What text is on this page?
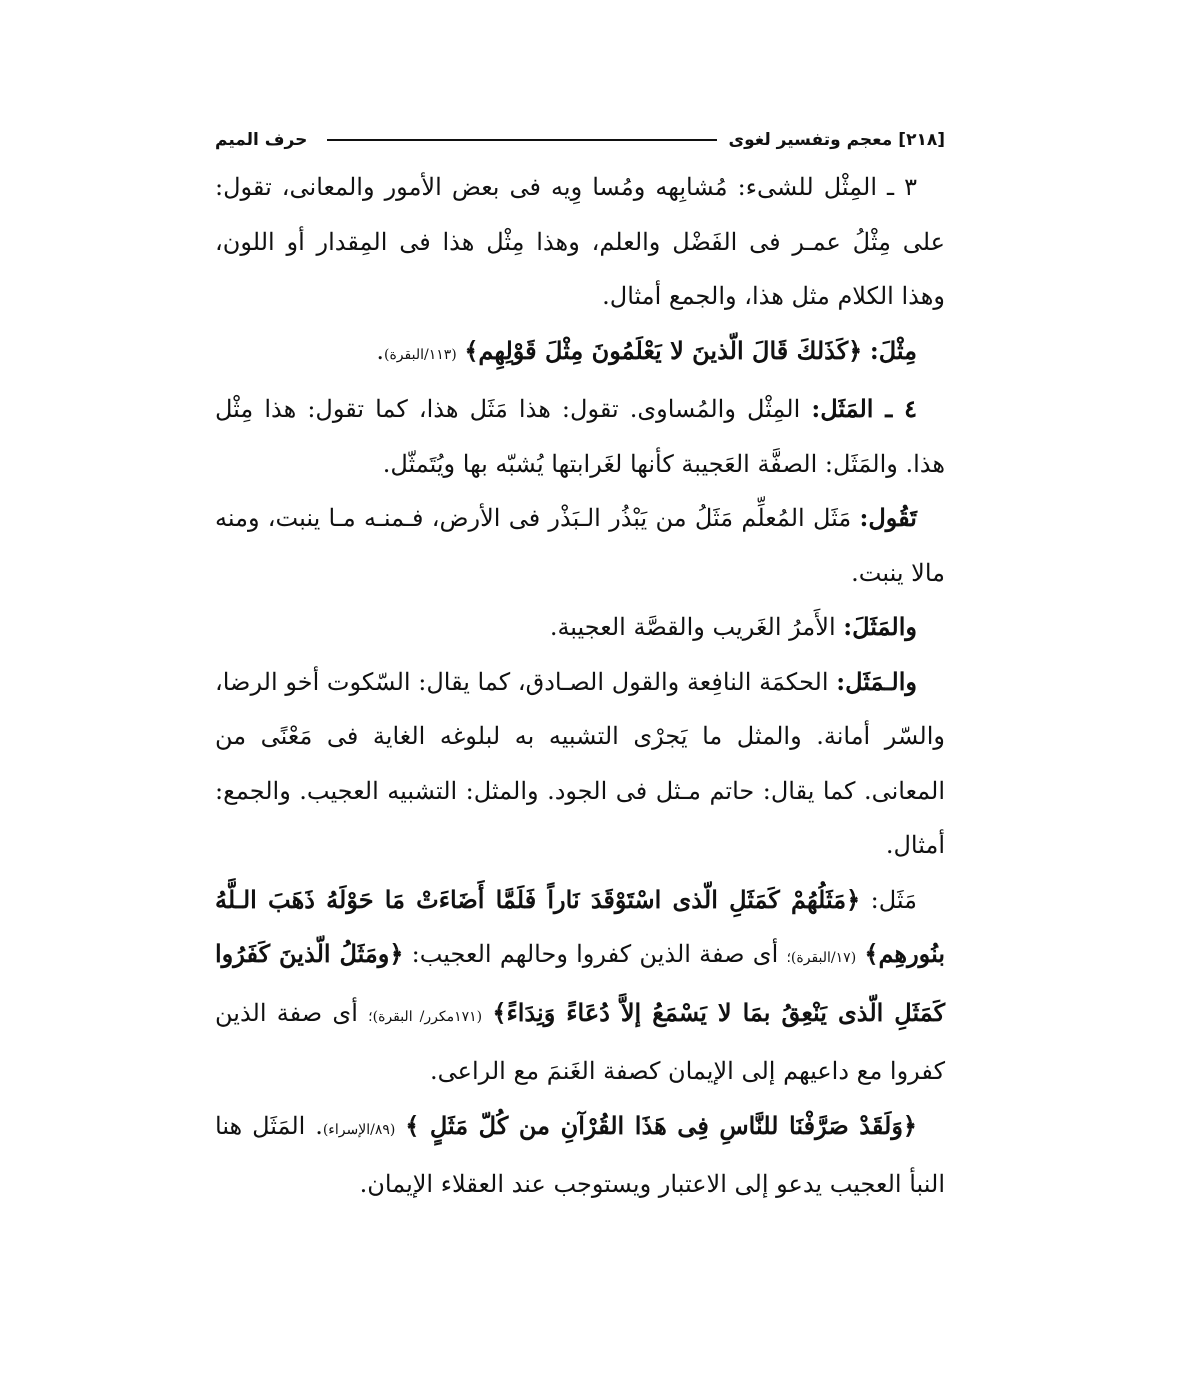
[٢١٨]
معجم وتفسير لغوى
حرف الميم

٣ ـ المِثْل للشىء: مُشابِهه ومُسا وِيه فى بعض الأمور والمعانى، تقول: على مِثْلُ عمـر فى الفَضْل والعلم، وهذا مِثْل هذا فى المِقدار أو اللون، وهذا الكلام مثل هذا، والجمع أمثال.

مِثْلَ: ﴿كَذَلكَ قَالَ الّذينَ لا يَعْلَمُونَ مِثْلَ قَوْلِهِم﴾ (١١٣/البقرة).

٤ ـ المَثَل: المِثْل والمُساوى. تقول: هذا مَثَل هذا، كما تقول: هذا مِثْل هذا. والمَثَل: الصفَّة العَجيبة كأنها لغَرابتها يُشبّه بها ويُتَمثّل.

تَقُول: مَثَل المُعلِّم مَثَلُ من يَبْذُر الـبَذْر فى الأرض، فـمنـه مـا ينبت، ومنه مالا ينبت.

والمَثَلَ: الأَمرُ الغَريب والقصَّة العجيبة.

والـمَثَل: الحكمَة النافِعة والقول الصـادق، كما يقال: السّكوت أخو الرضا، والسّر أمانة. والمثل ما يَجرْى التشبيه به لبلوغه الغاية فى مَعْنًى من المعانى. كما يقال: حاتم مـثل فى الجود. والمثل: التشبيه العجيب. والجمع: أمثال.

مَثَل: ﴿مَثَلُهُمْ كَمَثَلِ الّذى اسْتَوْقَدَ نَاراً فَلَمَّا أَضَاءَتْ مَا حَوْلَهُ ذَهَبَ الـلَّهُ بنُورهِم﴾ (١٧/البقرة)؛ أى صفة الذين كفروا وحالهم العجيب: ﴿ومَثَلُ الّذينَ كَفَرُوا كَمَثَلِ الّذى يَنْعِقُ بمَا لا يَسْمَعُ إلاَّ دُعَاءً وَنِدَاءً﴾ (١٧١مكرر/ البقرة)؛ أى صفة الذين كفروا مع داعيهم إلى الإيمان كصفة الغَنمَ مع الراعى.

﴿وَلَقَدْ صَرَّفْنَا للنَّاسِ فِى هَذَا القُرْآنِ من كُلّ مَثَلٍ ﴾ (٨٩/الإسراء). المَثَل هنا النبأ العجيب يدعو إلى الاعتبار ويستوجب عند العقلاء الإيمان.
